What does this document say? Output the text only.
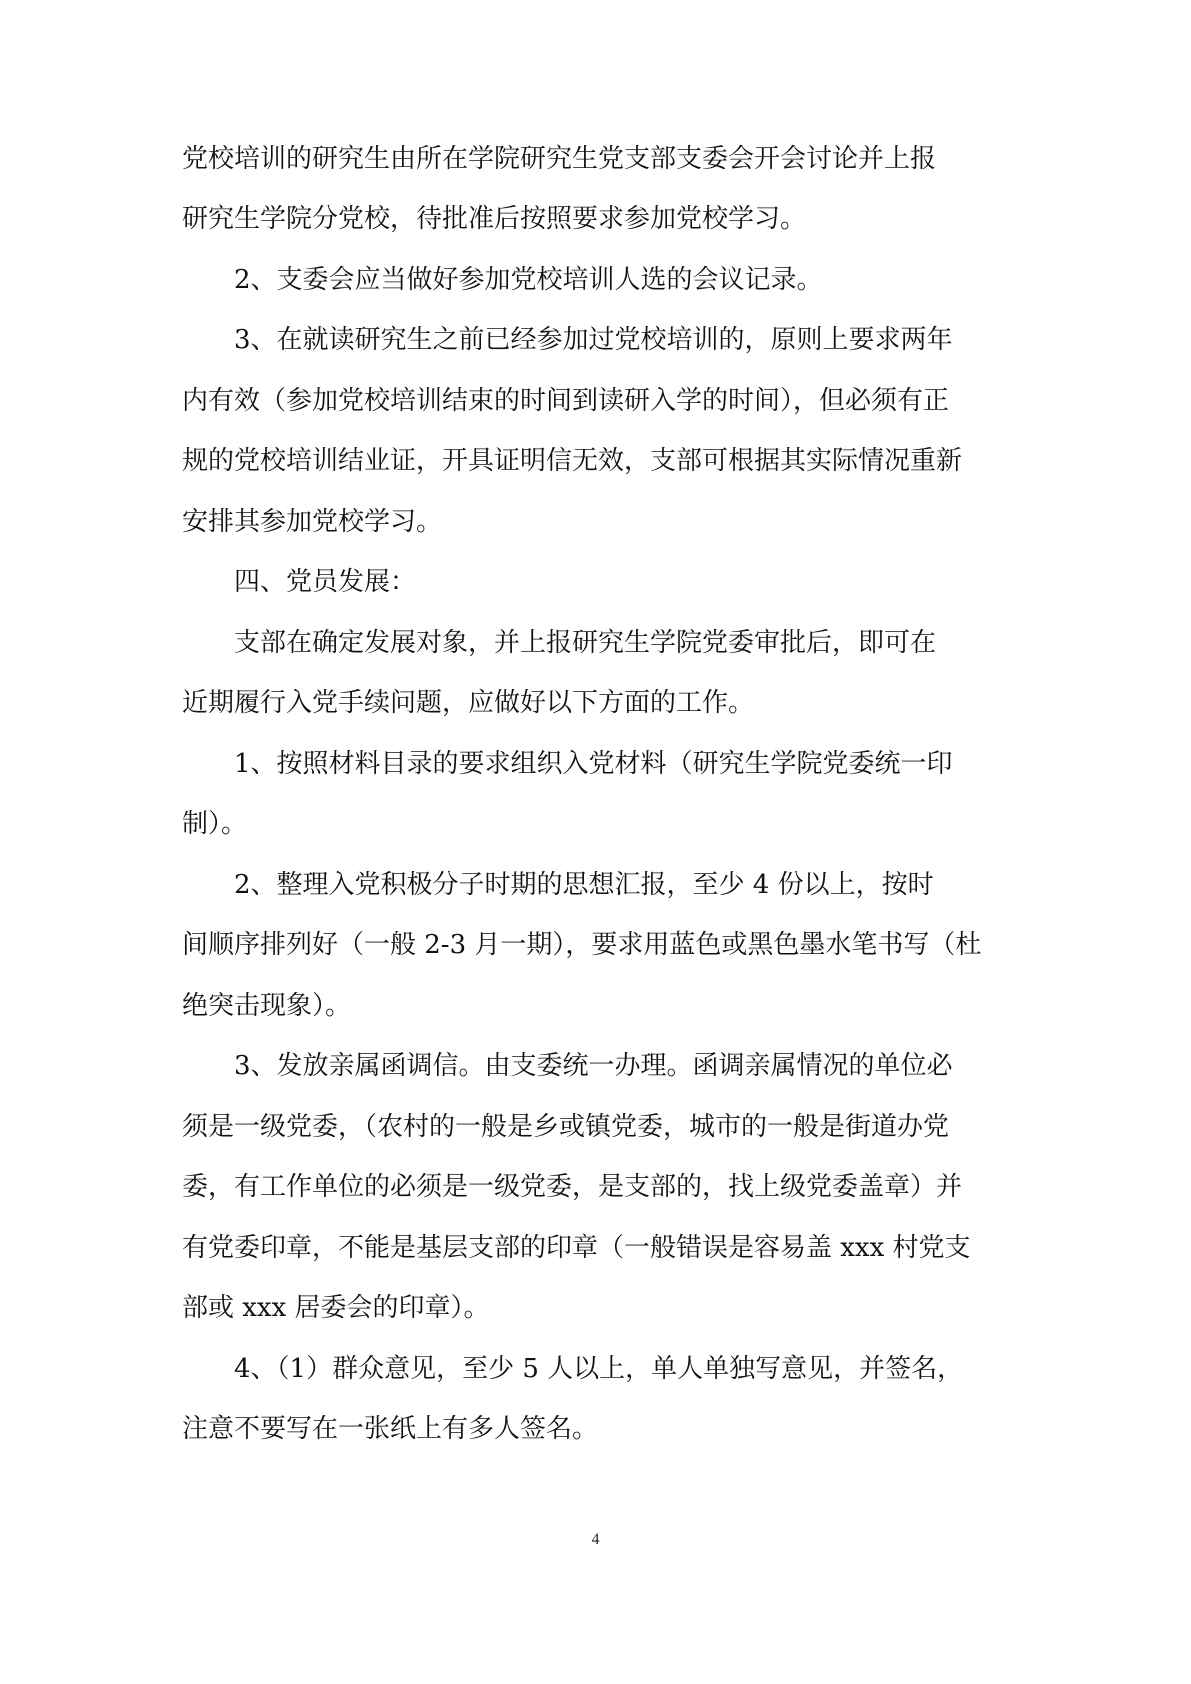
党校培训的研究生由所在学院研究生党支部支委会开会讨论并上报
研究生学院分党校，待批准后按照要求参加党校学习。
2、支委会应当做好参加党校培训人选的会议记录。
3、在就读研究生之前已经参加过党校培训的，原则上要求两年
内有效（参加党校培训结束的时间到读研入学的时间），但必须有正
规的党校培训结业证，开具证明信无效，支部可根据其实际情况重新
安排其参加党校学习。
四、党员发展：
支部在确定发展对象，并上报研究生学院党委审批后，即可在
近期履行入党手续问题，应做好以下方面的工作。
1、按照材料目录的要求组织入党材料（研究生学院党委统一印
制）。
2、整理入党积极分子时期的思想汇报，至少 4 份以上，按时
间顺序排列好（一般 2-3 月一期），要求用蓝色或黑色墨水笔书写（杜
绝突击现象）。
3、发放亲属函调信。由支委统一办理。函调亲属情况的单位必
须是一级党委，（农村的一般是乡或镇党委，城市的一般是街道办党
委，有工作单位的必须是一级党委，是支部的，找上级党委盖章）并
有党委印章，不能是基层支部的印章（一般错误是容易盖 xxx 村党支
部或 xxx 居委会的印章）。
4、（1）群众意见，至少 5 人以上，单人单独写意见，并签名，
注意不要写在一张纸上有多人签名。
4
